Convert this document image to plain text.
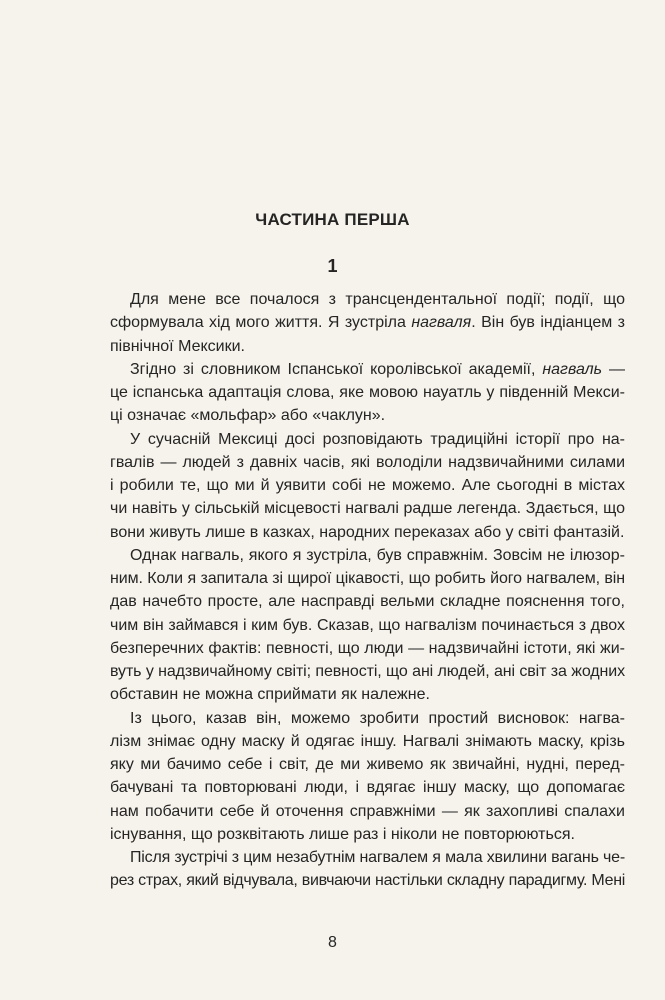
ЧАСТИНА ПЕРША
1
Для мене все почалося з трансцендентальної події; події, що
сформувала хід мого життя. Я зустріла нагваля. Він був індіанцем з
північної Мексики.
Згідно зі словником Іспанської королівської академії, нагваль —
це іспанська адаптація слова, яке мовою науатль у південній Мекси-
ці означає «мольфар» або «чаклун».
У сучасній Мексиці досі розповідають традиційні історії про на-
гвалів — людей з давніх часів, які володіли надзвичайними силами
і робили те, що ми й уявити собі не можемо. Але сьогодні в містах
чи навіть у сільській місцевості нагвалі радше легенда. Здається, що
вони живуть лише в казках, народних переказах або у світі фантазій.
Однак нагваль, якого я зустріла, був справжнім. Зовсім не ілюзор-
ним. Коли я запитала зі щирої цікавості, що робить його нагвалем, він
дав начебто просте, але насправді вельми складне пояснення того,
чим він займався і ким був. Сказав, що нагвалізм починається з двох
безперечних фактів: певності, що люди — надзвичайні істоти, які жи-
вуть у надзвичайному світі; певності, що ані людей, ані світ за жодних
обставин не можна сприймати як належне.
Із цього, казав він, можемо зробити простий висновок: нагва-
лізм знімає одну маску й одягає іншу. Нагвалі знімають маску, крізь
яку ми бачимо себе і світ, де ми живемо як звичайні, нудні, перед-
бачувані та повторювані люди, і вдягає іншу маску, що допомагає
нам побачити себе й оточення справжніми — як захопливі спалахи
існування, що розквітають лише раз і ніколи не повторюються.
Після зустрічі з цим незабутнім нагвалем я мала хвилини вагань че-
рез страх, який відчувала, вивчаючи настільки складну парадигму. Мені
8
